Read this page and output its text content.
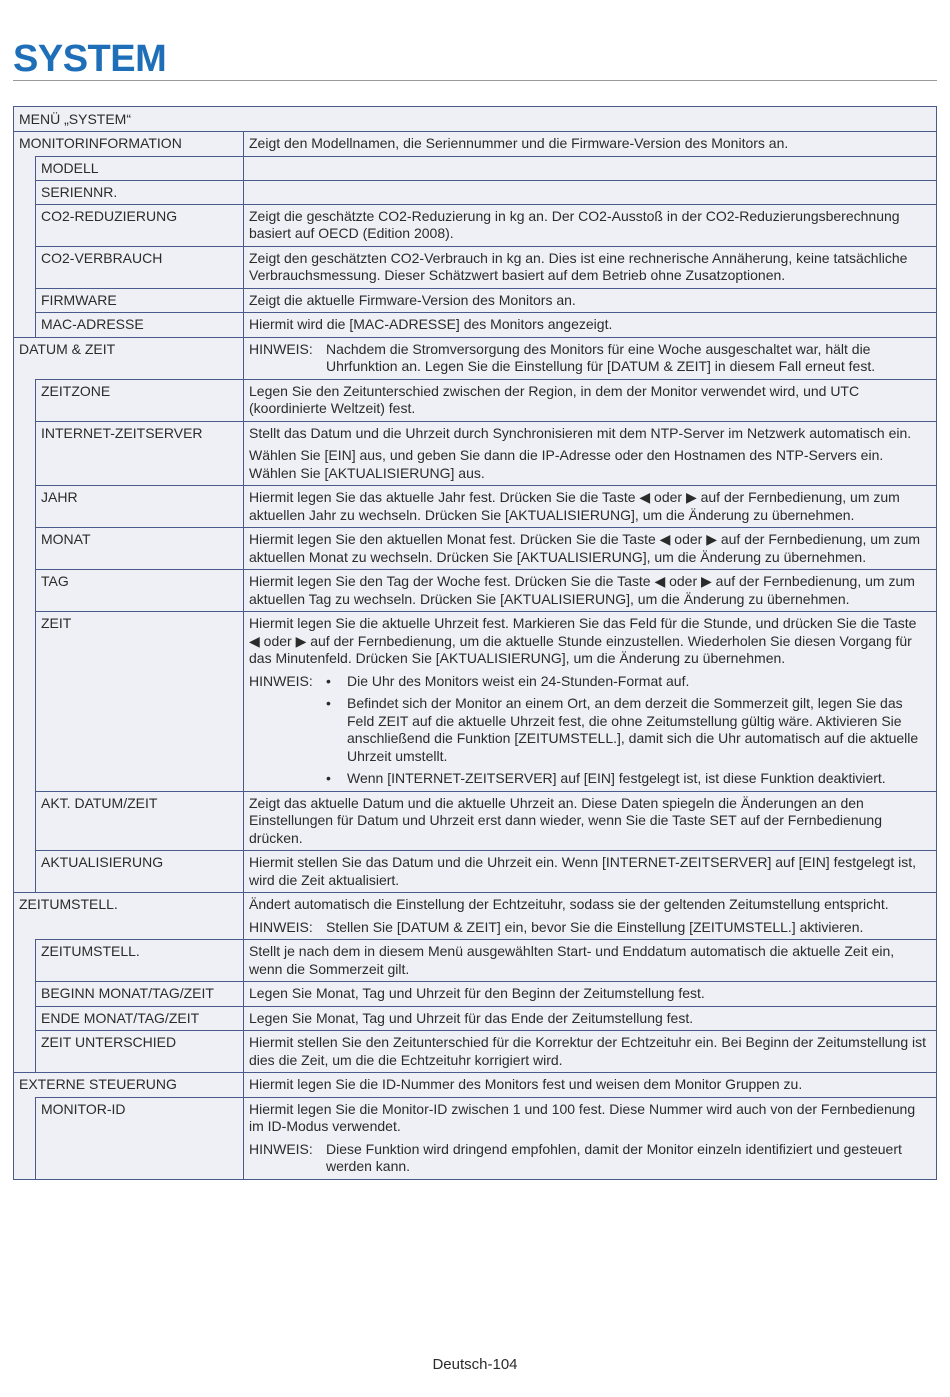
SYSTEM
MENÜ „SYSTEM“
MONITORINFORMATION	Zeigt den Modellnamen, die Seriennummer und die Firmware-Version des Monitors an.

MODELL

SERIENNR.

CO2-REDUZIERUNG	Zeigt die geschätzte CO2-Reduzierung in kg an. Der CO2-Ausstoß in der CO2-Reduzierungsberechnung basiert auf OECD (Edition 2008).

CO2-VERBRAUCH	Zeigt den geschätzten CO2-Verbrauch in kg an. Dies ist eine rechnerische Annäherung, keine tatsächliche Verbrauchsmessung. Dieser Schätzwert basiert auf dem Betrieb ohne Zusatzoptionen.

FIRMWARE	Zeigt die aktuelle Firmware-Version des Monitors an.

MAC-ADRESSE	Hiermit wird die [MAC-ADRESSE] des Monitors angezeigt.

DATUM & ZEIT	HINWEIS: Nachdem die Stromversorgung des Monitors für eine Woche ausgeschaltet war, hält die Uhrfunktion an. Legen Sie die Einstellung für [DATUM & ZEIT] in diesem Fall erneut fest.
ZEITZONE	Legen Sie den Zeitunterschied zwischen der Region, in dem der Monitor verwendet wird, und UTC (koordinierte Weltzeit) fest.

INTERNET-ZEITSERVER	Stellt das Datum und die Uhrzeit durch Synchronisieren mit dem NTP-Server im Netzwerk automatisch ein.

Wählen Sie [EIN] aus, und geben Sie dann die IP-Adresse oder den Hostnamen des NTP-Servers ein. Wählen Sie [AKTUALISIERUNG] aus.

JAHR	Hiermit legen Sie das aktuelle Jahr fest. Drücken Sie die Taste ◀ oder ▶ auf der Fernbedienung, um zum aktuellen Jahr zu wechseln. Drücken Sie [AKTUALISIERUNG], um die Änderung zu übernehmen.

MONAT	Hiermit legen Sie den aktuellen Monat fest. Drücken Sie die Taste ◀ oder ▶ auf der Fernbedienung, um zum aktuellen Monat zu wechseln. Drücken Sie [AKTUALISIERUNG], um die Änderung zu übernehmen.

TAG	Hiermit legen Sie den Tag der Woche fest. Drücken Sie die Taste ◀ oder ▶ auf der Fernbedienung, um zum aktuellen Tag zu wechseln. Drücken Sie [AKTUALISIERUNG], um die Änderung zu übernehmen.

ZEIT	Hiermit legen Sie die aktuelle Uhrzeit fest. Markieren Sie das Feld für die Stunde, und drücken Sie die Taste ◀ oder ▶ auf der Fernbedienung, um die aktuelle Stunde einzustellen. Wiederholen Sie diesen Vorgang für das Minutenfeld. Drücken Sie [AKTUALISIERUNG], um die Änderung zu übernehmen.

HINWEIS: •	Die Uhr des Monitors weist ein 24-Stunden-Format auf.
•	Befindet sich der Monitor an einem Ort, an dem derzeit die Sommerzeit gilt, legen Sie das Feld ZEIT auf die aktuelle Uhrzeit fest, die ohne Zeitumstellung gültig wäre. Aktivieren Sie anschließend die Funktion [ZEITUMSTELL.], damit sich die Uhr automatisch auf die aktuelle Uhrzeit umstellt.
•	Wenn [INTERNET-ZEITSERVER] auf [EIN] festgelegt ist, ist diese Funktion deaktiviert.
AKT. DATUM/ZEIT	Zeigt das aktuelle Datum und die aktuelle Uhrzeit an. Diese Daten spiegeln die Änderungen an den Einstellungen für Datum und Uhrzeit erst dann wieder, wenn Sie die Taste SET auf der Fernbedienung drücken.

AKTUALISIERUNG	Hiermit stellen Sie das Datum und die Uhrzeit ein. Wenn [INTERNET-ZEITSERVER] auf [EIN] festgelegt ist, wird die Zeit aktualisiert.

ZEITUMSTELL.	Ändert automatisch die Einstellung der Echtzeituhr, sodass sie der geltenden Zeitumstellung entspricht.

HINWEIS: Stellen Sie [DATUM & ZEIT] ein, bevor Sie die Einstellung [ZEITUMSTELL.] aktivieren.
ZEITUMSTELL.	Stellt je nach dem in diesem Menü ausgewählten Start- und Enddatum automatisch die aktuelle Zeit ein, wenn die Sommerzeit gilt.

BEGINN MONAT/TAG/ZEIT	Legen Sie Monat, Tag und Uhrzeit für den Beginn der Zeitumstellung fest.

ENDE MONAT/TAG/ZEIT	Legen Sie Monat, Tag und Uhrzeit für das Ende der Zeitumstellung fest.

ZEIT UNTERSCHIED	Hiermit stellen Sie den Zeitunterschied für die Korrektur der Echtzeituhr ein. Bei Beginn der Zeitumstellung ist dies die Zeit, um die die Echtzeituhr korrigiert wird.

EXTERNE STEUERUNG	Hiermit legen Sie die ID-Nummer des Monitors fest und weisen dem Monitor Gruppen zu.

MONITOR-ID	Hiermit legen Sie die Monitor-ID zwischen 1 und 100 fest. Diese Nummer wird auch von der Fernbedienung im ID-Modus verwendet.

HINWEIS: Diese Funktion wird dringend empfohlen, damit der Monitor einzeln identifiziert und gesteuert werden kann.
Deutsch-104
